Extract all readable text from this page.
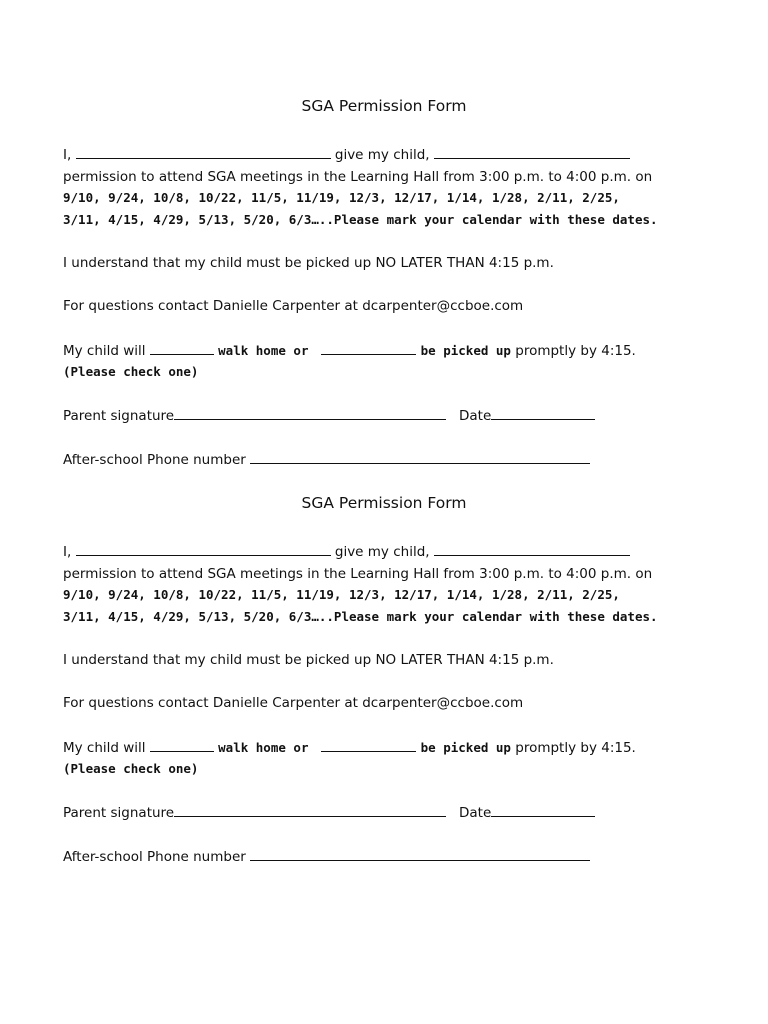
SGA Permission Form
I,	give my child,
permission to attend SGA meetings in the Learning Hall from 3:00 p.m. to 4:00 p.m. on
9/10, 9/24, 10/8, 10/22, 11/5, 11/19, 12/3, 12/17, 1/14, 1/28, 2/11, 2/25,
3/11, 4/15, 4/29, 5/13, 5/20, 6/3…..Please mark your calendar with these dates.
I understand that my child must be picked up NO LATER THAN 4:15 p.m.
For questions contact Danielle Carpenter at dcarpenter@ccboe.com
My child will	walk home or	be picked up promptly by 4:15.
(Please check one)
Parent signature	Date
After-school Phone number
SGA Permission Form
I,	give my child,
permission to attend SGA meetings in the Learning Hall from 3:00 p.m. to 4:00 p.m. on
9/10, 9/24, 10/8, 10/22, 11/5, 11/19, 12/3, 12/17, 1/14, 1/28, 2/11, 2/25,
3/11, 4/15, 4/29, 5/13, 5/20, 6/3…..Please mark your calendar with these dates.
I understand that my child must be picked up NO LATER THAN 4:15 p.m.
For questions contact Danielle Carpenter at dcarpenter@ccboe.com
My child will	walk home or	be picked up promptly by 4:15.
(Please check one)
Parent signature	Date
After-school Phone number
